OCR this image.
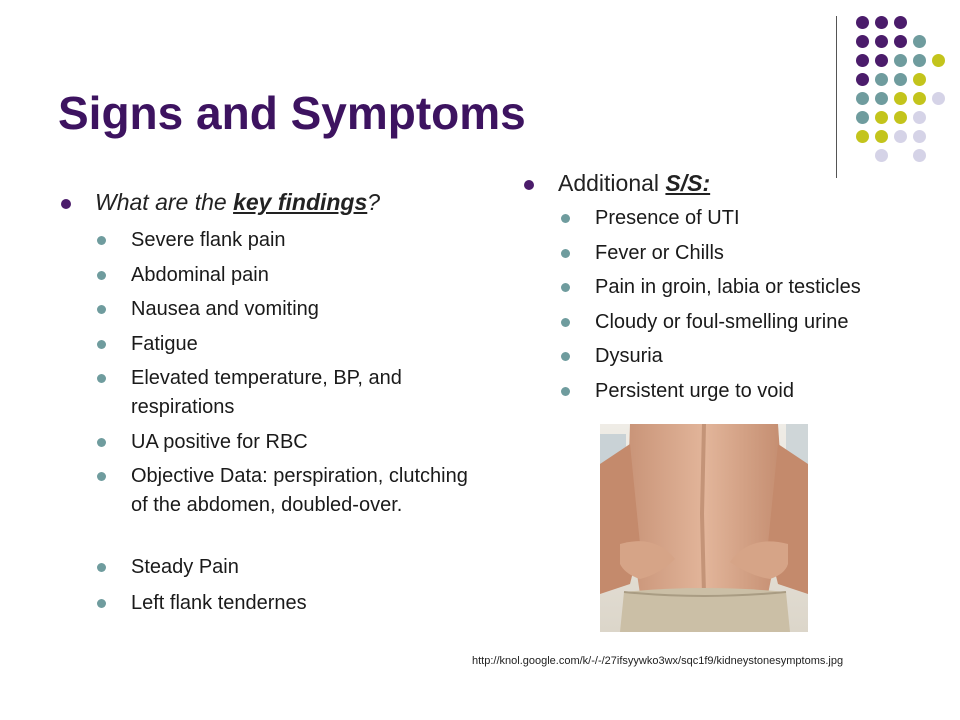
Signs and Symptoms
What are the key findings?
Severe flank pain
Abdominal pain
Nausea and vomiting
Fatigue
Elevated temperature, BP, and respirations
UA positive for RBC
Objective Data: perspiration, clutching of the abdomen, doubled-over.
Steady Pain
Left flank tendernes
Additional S/S:
Presence of UTI
Fever or Chills
Pain in groin, labia or testicles
Cloudy or foul-smelling urine
Dysuria
Persistent urge to void
http://knol.google.com/k/-/-/27ifsyywko3wx/sqc1f9/kidneystonesymptoms.jpg
